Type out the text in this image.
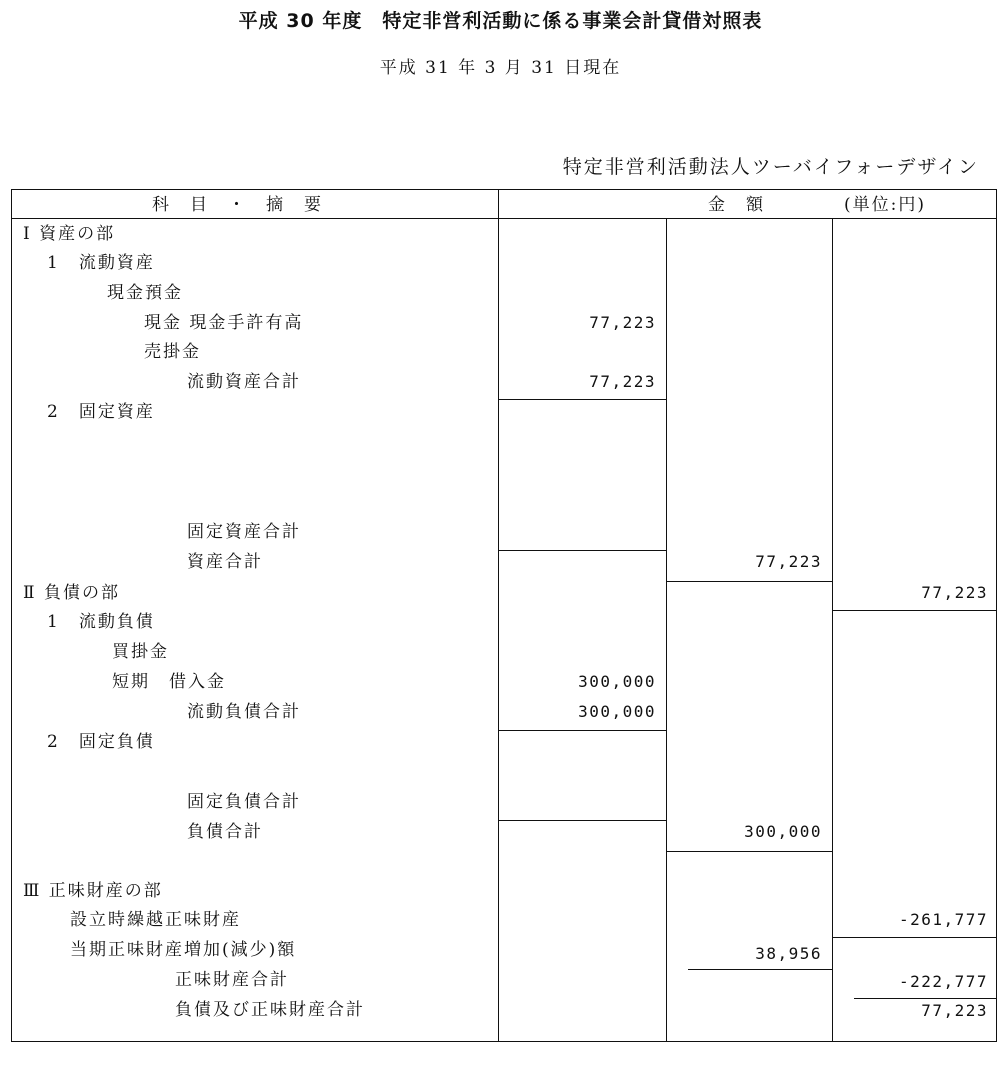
平成 30 年度　特定非営利活動に係る事業会計貸借対照表
平成 31 年 3 月 31 日現在
特定非営利活動法人ツーバイフォーデザイン
科　目　・　摘　要	金　額	(単位:円)
Ⅰ 資産の部
1　流動資産
現金預金
現金 現金手許有高
売掛金
流動資産合計
2　固定資産
固定資産合計
資産合計
Ⅱ 負債の部
1　流動負債
買掛金
短期　借入金
流動負債合計
2　固定負債
固定負債合計
負債合計
Ⅲ 正味財産の部
設立時繰越正味財産
当期正味財産増加(減少)額
正味財産合計
負債及び正味財産合計
77,223
77,223
300,000
300,000
77,223
300,000
38,956
77,223
-261,777
-222,777
77,223
